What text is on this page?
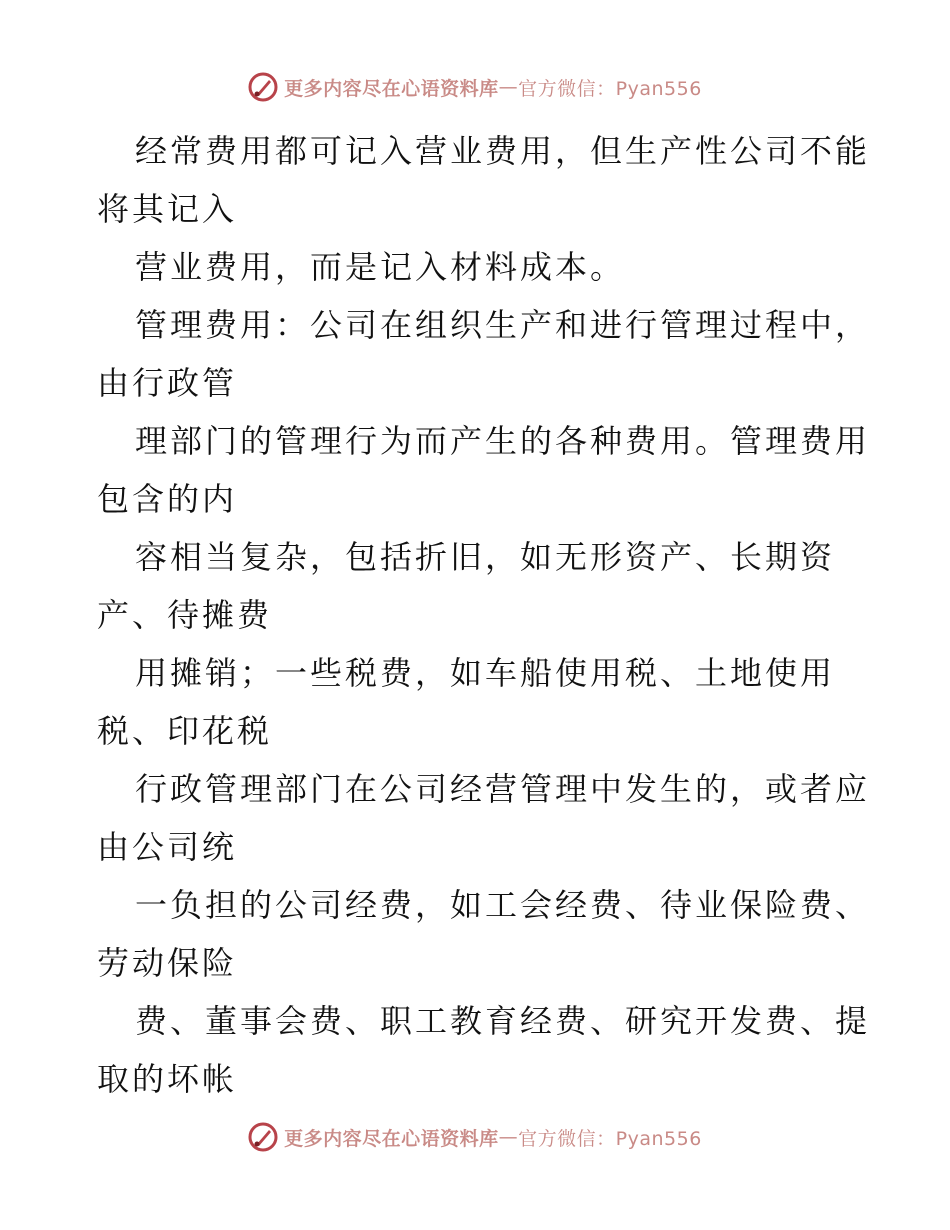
更多内容尽在心语资料库 — 官方微信：Pyan556
经常费用都可记入营业费用，但生产性公司不能
将其记入
营业费用，而是记入材料成本。
管理费用：公司在组织生产和进行管理过程中，
由行政管
理部门的管理行为而产生的各种费用。管理费用
包含的内
容相当复杂，包括折旧，如无形资产、长期资
产、待摊费
用摊销；一些税费，如车船使用税、土地使用
税、印花税
行政管理部门在公司经营管理中发生的，或者应
由公司统
一负担的公司经费，如工会经费、待业保险费、
劳动保险
费、董事会费、职工教育经费、研究开发费、提
取的坏帐
更多内容尽在心语资料库 — 官方微信：Pyan556
